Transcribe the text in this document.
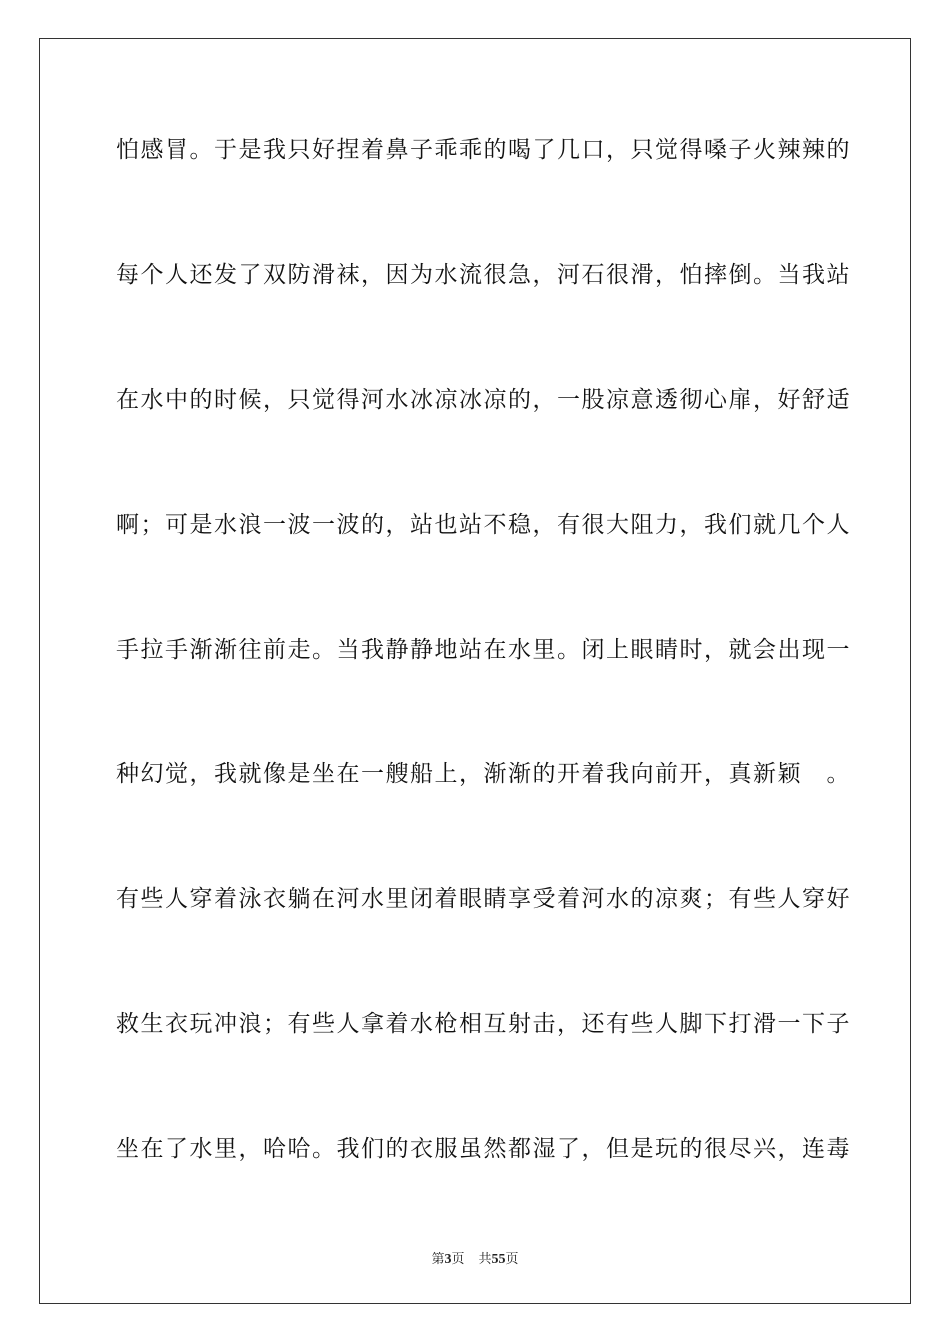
怕感冒。于是我只好捏着鼻子乖乖的喝了几口，只觉得嗓子火辣辣的
每个人还发了双防滑袜，因为水流很急，河石很滑，怕摔倒。当我站
在水中的时候，只觉得河水冰凉冰凉的，一股凉意透彻心扉，好舒适
啊；可是水浪一波一波的，站也站不稳，有很大阻力，我们就几个人
手拉手渐渐往前走。当我静静地站在水里。闭上眼睛时，就会出现一
种幻觉，我就像是坐在一艘船上，渐渐的开着我向前开，真新颖　。
有些人穿着泳衣躺在河水里闭着眼睛享受着河水的凉爽；有些人穿好
救生衣玩冲浪；有些人拿着水枪相互射击，还有些人脚下打滑一下子
坐在了水里，哈哈。我们的衣服虽然都湿了，但是玩的很尽兴，连毒
第3页 共55页
